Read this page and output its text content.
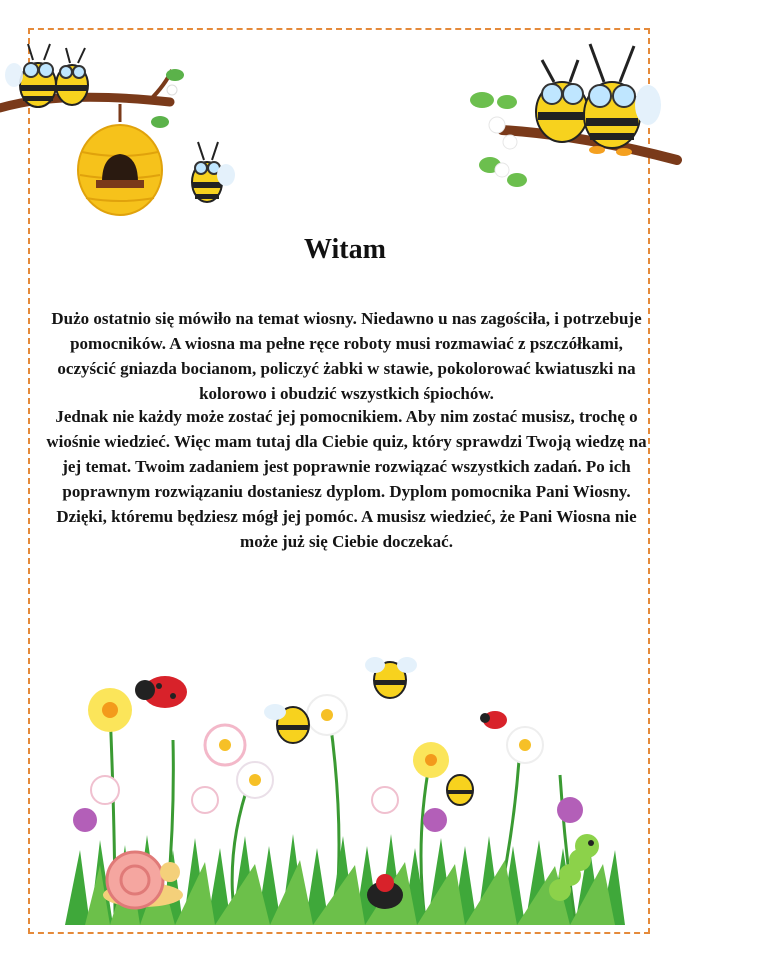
Witam
Dużo ostatnio się mówiło na temat wiosny. Niedawno u nas zagościła, i potrzebuje pomocników. A wiosna ma pełne ręce roboty musi rozmawiać z pszczółkami, oczyścić gniazda bocianom, policzyć żabki w stawie, pokolorować kwiatuszki na kolorowo i obudzić wszystkich śpiochów.
Jednak nie każdy może zostać jej pomocnikiem. Aby nim zostać musisz, trochę o wiośnie wiedzieć. Więc mam tutaj dla Ciebie quiz, który sprawdzi Twoją wiedzę na jej temat. Twoim zadaniem jest poprawnie rozwiązać wszystkich zadań. Po ich poprawnym rozwiązaniu dostaniesz dyplom. Dyplom pomocnika Pani Wiosny. Dzięki, któremu będziesz mógł jej pomóc. A musisz wiedzieć, że Pani Wiosna nie może już się Ciebie doczekać.
